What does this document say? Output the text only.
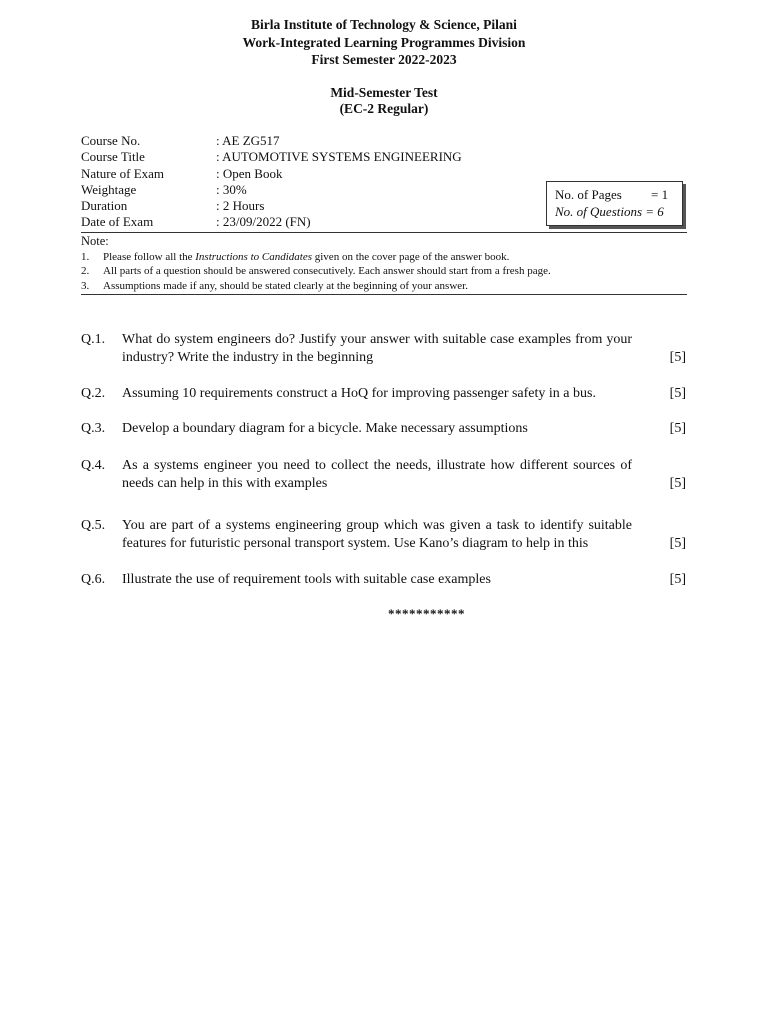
Birla Institute of Technology & Science, Pilani
Work-Integrated Learning Programmes Division
First Semester 2022-2023
Mid-Semester Test
(EC-2 Regular)
Course No.	: AE ZG517
Course Title	: AUTOMOTIVE SYSTEMS ENGINEERING
Nature of Exam	: Open Book
Weightage	: 30%
Duration	: 2 Hours
Date of Exam	: 23/09/2022 (FN)
No. of Pages = 1
No. of Questions = 6
Note:
1. Please follow all the Instructions to Candidates given on the cover page of the answer book.
2. All parts of a question should be answered consecutively. Each answer should start from a fresh page.
3. Assumptions made if any, should be stated clearly at the beginning of your answer.
Q.1. What do system engineers do? Justify your answer with suitable case examples from your industry? Write the industry in the beginning	[5]
Q.2. Assuming 10 requirements construct a HoQ for improving passenger safety in a bus.	[5]
Q.3. Develop a boundary diagram for a bicycle. Make necessary assumptions	[5]
Q.4. As a systems engineer you need to collect the needs, illustrate how different sources of needs can help in this with examples	[5]
Q.5. You are part of a systems engineering group which was given a task to identify suitable features for futuristic personal transport system. Use Kano’s diagram to help in this	[5]
Q.6. Illustrate the use of requirement tools with suitable case examples	[5]
***********
